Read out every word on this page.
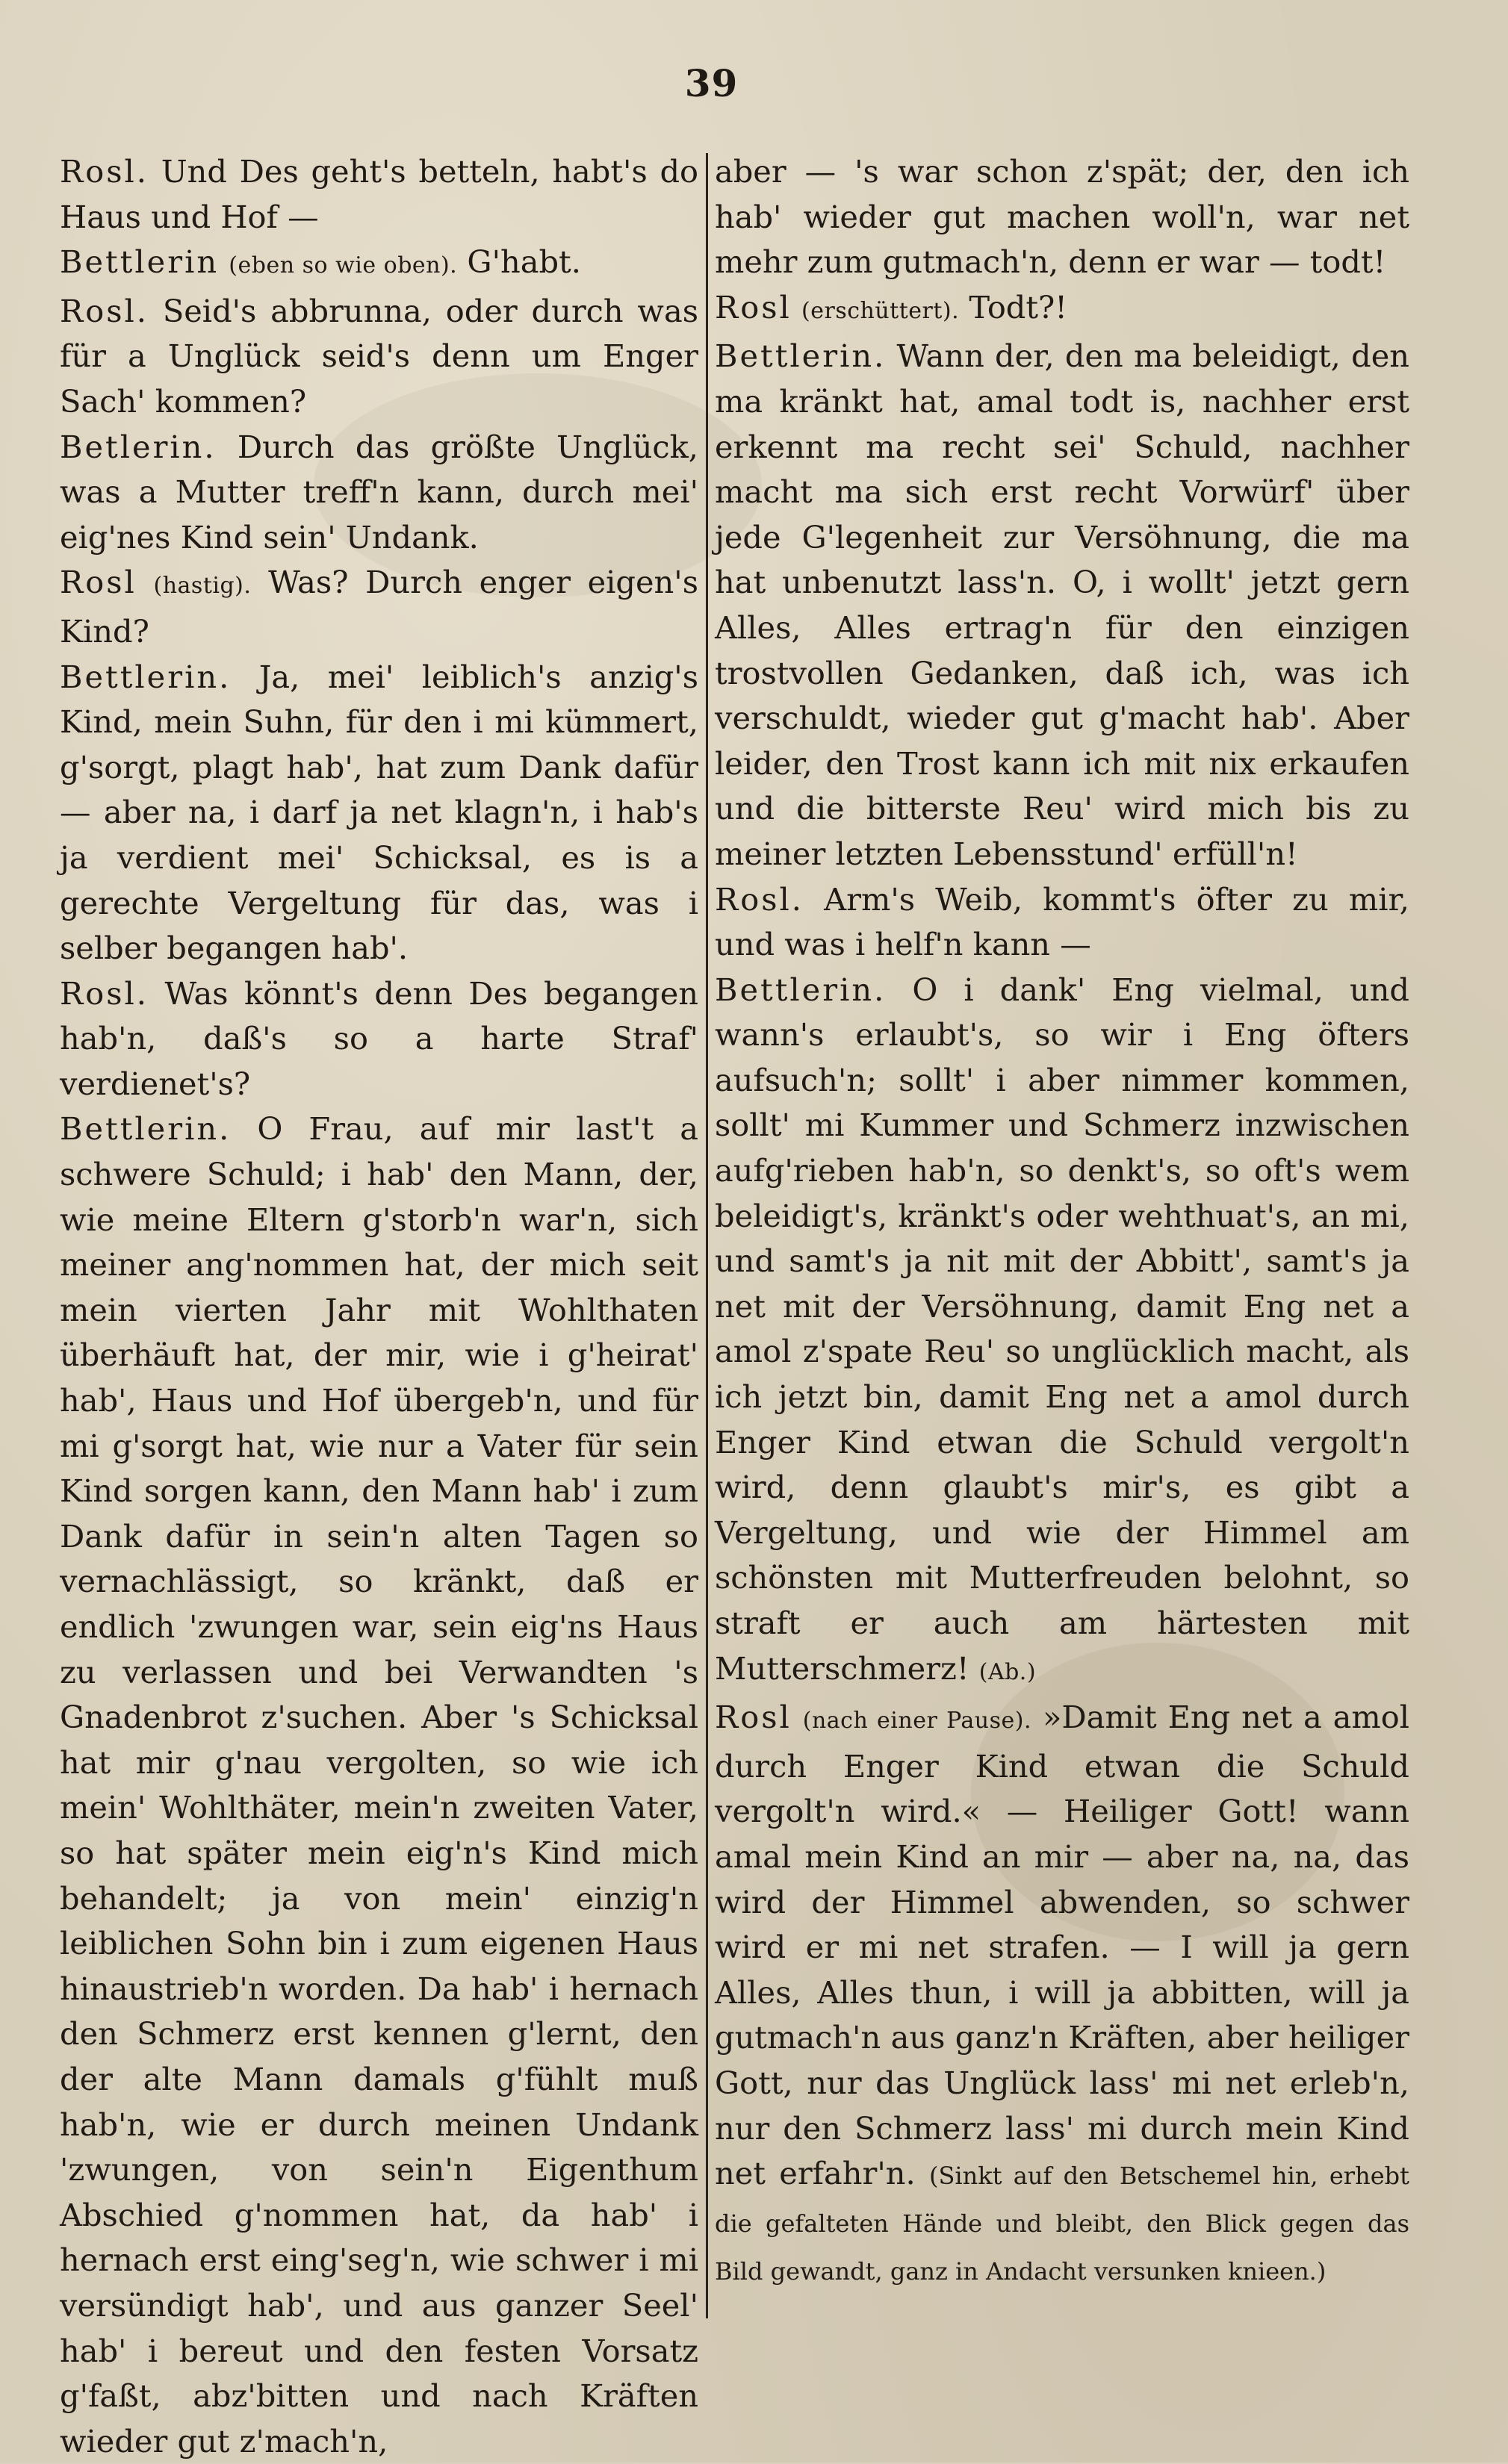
39

Rosl. Und Des geht's betteln, habt's do Haus und Hof —

Bettlerin (eben so wie oben). G'habt.

Rosl. Seid's abbrunna, oder durch was für a Unglück seid's denn um Enger Sach' kommen?

Betlerin. Durch das größte Unglück, was a Mutter treff'n kann, durch mei' eig'nes Kind sein' Undank.

Rosl (hastig). Was? Durch enger eigen's Kind?

Bettlerin. Ja, mei' leiblich's anzig's Kind, mein Suhn, für den i mi kümmert, g'sorgt, plagt hab', hat zum Dank dafür — aber na, i darf ja net klagn'n, i hab's ja verdient mei' Schicksal, es is a gerechte Vergeltung für das, was i selber begangen hab'.

Rosl. Was könnt's denn Des begangen hab'n, daß's so a harte Straf' verdienet's?

Bettlerin. O Frau, auf mir last't a schwere Schuld; i hab' den Mann, der, wie meine Eltern g'storb'n war'n, sich meiner ang'nommen hat, der mich seit mein vierten Jahr mit Wohlthaten überhäuft hat, der mir, wie i g'heirat' hab', Haus und Hof übergeb'n, und für mi g'sorgt hat, wie nur a Vater für sein Kind sorgen kann, den Mann hab' i zum Dank dafür in sein'n alten Tagen so vernachlässigt, so kränkt, daß er endlich 'zwungen war, sein eig'ns Haus zu verlassen und bei Verwandten 's Gnadenbrot z'suchen. Aber 's Schicksal hat mir g'nau vergolten, so wie ich mein' Wohlthäter, mein'n zweiten Vater, so hat später mein eig'n's Kind mich behandelt; ja von mein' einzig'n leiblichen Sohn bin i zum eigenen Haus hinaustrieb'n worden. Da hab' i hernach den Schmerz erst kennen g'lernt, den der alte Mann damals g'fühlt muß hab'n, wie er durch meinen Undank 'zwungen, von sein'n Eigenthum Abschied g'nommen hat, da hab' i hernach erst eing'seg'n, wie schwer i mi versündigt hab', und aus ganzer Seel' hab' i bereut und den festen Vorsatz g'faßt, abz'bitten und nach Kräften wieder gut z'mach'n,

aber — 's war schon z'spät; der, den ich hab' wieder gut machen woll'n, war net mehr zum gutmach'n, denn er war — todt!

Rosl (erschüttert). Todt?!

Bettlerin. Wann der, den ma beleidigt, den ma kränkt hat, amal todt is, nachher erst erkennt ma recht sei' Schuld, nachher macht ma sich erst recht Vorwürf' über jede G'legenheit zur Versöhnung, die ma hat unbenutzt lass'n. O, i wollt' jetzt gern Alles, Alles ertrag'n für den einzigen trostvollen Gedanken, daß ich, was ich verschuldt, wieder gut g'macht hab'. Aber leider, den Trost kann ich mit nix erkaufen und die bitterste Reu' wird mich bis zu meiner letzten Lebensstund' erfüll'n!

Rosl. Arm's Weib, kommt's öfter zu mir, und was i helf'n kann —

Bettlerin. O i dank' Eng vielmal, und wann's erlaubt's, so wir i Eng öfters aufsuch'n; sollt' i aber nimmer kommen, sollt' mi Kummer und Schmerz inzwischen aufg'rieben hab'n, so denkt's, so oft's wem beleidigt's, kränkt's oder wehthuat's, an mi, und samt's ja nit mit der Abbitt', samt's ja net mit der Versöhnung, damit Eng net a amol z'spate Reu' so unglücklich macht, als ich jetzt bin, damit Eng net a amol durch Enger Kind etwan die Schuld vergolt'n wird, denn glaubt's mir's, es gibt a Vergeltung, und wie der Himmel am schönsten mit Mutterfreuden belohnt, so straft er auch am härtesten mit Mutterschmerz! (Ab.)

Rosl (nach einer Pause). »Damit Eng net a amol durch Enger Kind etwan die Schuld vergolt'n wird.« — Heiliger Gott! wann amal mein Kind an mir — aber na, na, das wird der Himmel abwenden, so schwer wird er mi net strafen. — I will ja gern Alles, Alles thun, i will ja abbitten, will ja gutmach'n aus ganz'n Kräften, aber heiliger Gott, nur das Unglück lass' mi net erleb'n, nur den Schmerz lass' mi durch mein Kind net erfahr'n. (Sinkt auf den Betschemel hin, erhebt die gefalteten Hände und bleibt, den Blick gegen das Bild gewandt, ganz in Andacht versunken knieen.)
